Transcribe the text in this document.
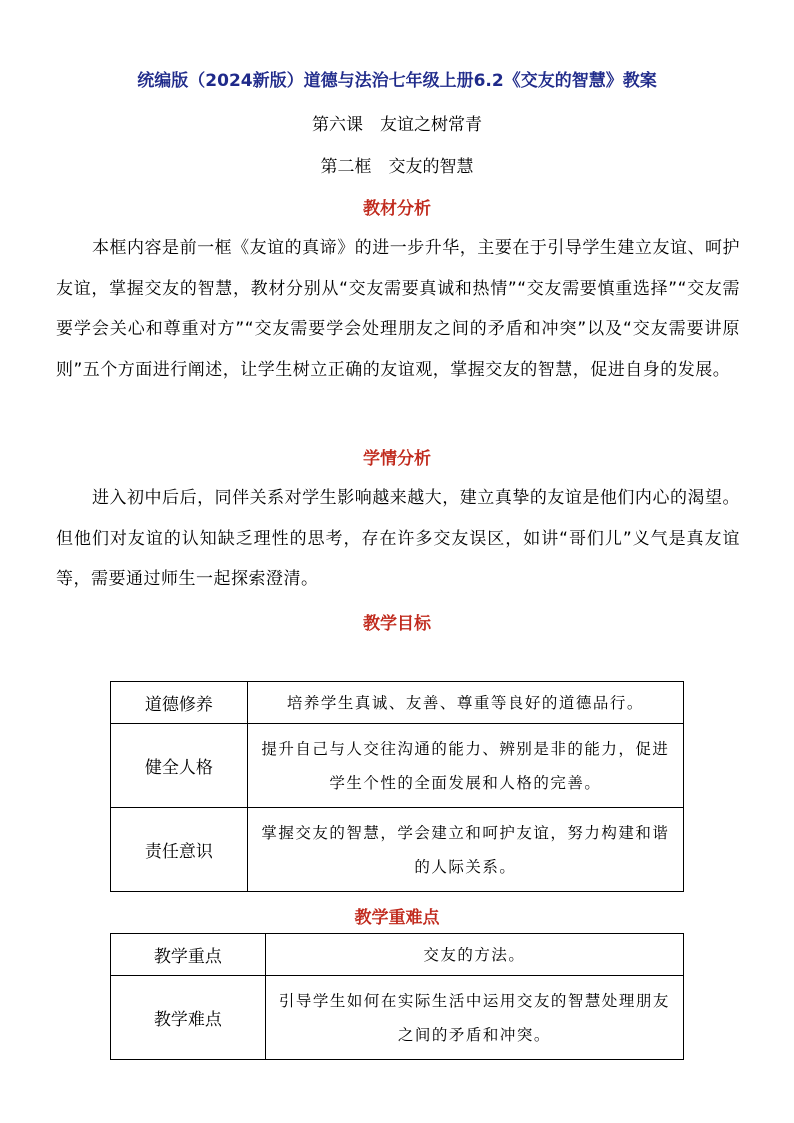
统编版（2024新版）道德与法治七年级上册6.2《交友的智慧》教案
第六课　友谊之树常青
第二框　交友的智慧
教材分析
本框内容是前一框《友谊的真谛》的进一步升华，主要在于引导学生建立友谊、呵护友谊，掌握交友的智慧，教材分别从“交友需要真诚和热情”“交友需要慎重选择”“交友需要学会关心和尊重对方”“交友需要学会处理朋友之间的矛盾和冲突”以及“交友需要讲原则”五个方面进行阐述，让学生树立正确的友谊观，掌握交友的智慧，促进自身的发展。
学情分析
进入初中后后，同伴关系对学生影响越来越大，建立真挚的友谊是他们内心的渴望。但他们对友谊的认知缺乏理性的思考，存在许多交友误区，如讲“哥们儿”义气是真友谊等，需要通过师生一起探索澄清。
教学目标
道德修养	培养学生真诚、友善、尊重等良好的道德品行。
健全人格	提升自己与人交往沟通的能力、辨别是非的能力，促进学生个性的全面发展和人格的完善。
责任意识	掌握交友的智慧，学会建立和呵护友谊，努力构建和谐的人际关系。
教学重难点
教学重点	交友的方法。
教学难点	引导学生如何在实际生活中运用交友的智慧处理朋友之间的矛盾和冲突。
